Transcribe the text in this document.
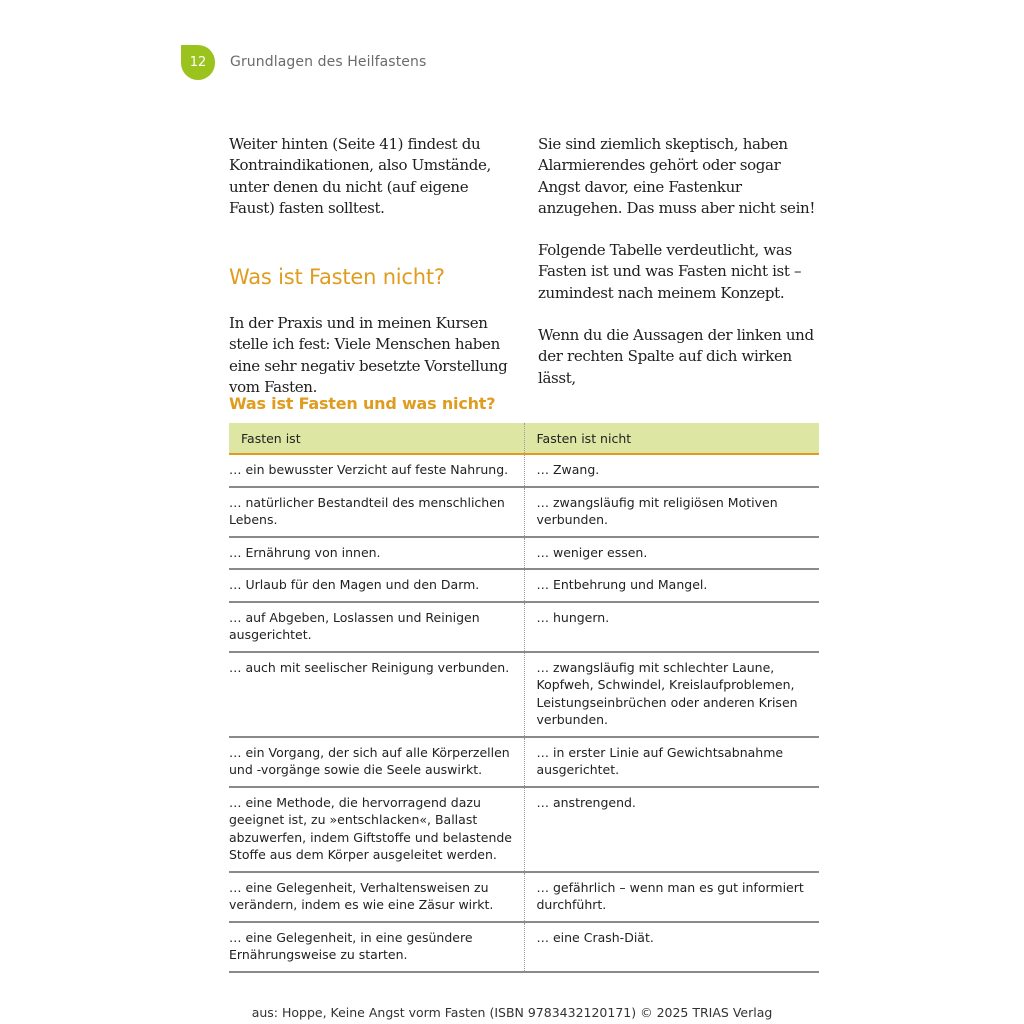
12 Grundlagen des Heilfastens

Weiter hinten (Seite 41) findest du Kontraindikationen, also Umstände, unter denen du nicht (auf eigene Faust) fasten solltest.

Was ist Fasten nicht?

In der Praxis und in meinen Kursen stelle ich fest: Viele Menschen haben eine sehr negativ besetzte Vorstellung vom Fasten.

Sie sind ziemlich skeptisch, haben Alarmierendes gehört oder sogar Angst davor, eine Fastenkur anzugehen. Das muss aber nicht sein!

Folgende Tabelle verdeutlicht, was Fasten ist und was Fasten nicht ist – zumindest nach meinem Konzept.

Wenn du die Aussagen der linken und der rechten Spalte auf dich wirken lässt,

Was ist Fasten und was nicht?
Fasten ist	Fasten ist nicht
… ein bewusster Verzicht auf feste Nahrung.	… Zwang.
… natürlicher Bestandteil des menschlichen Lebens.	… zwangsläufig mit religiösen Motiven verbunden.
… Ernährung von innen.	… weniger essen.
… Urlaub für den Magen und den Darm.	… Entbehrung und Mangel.
… auf Abgeben, Loslassen und Reinigen ausgerichtet.	… hungern.
… auch mit seelischer Reinigung verbunden.	… zwangsläufig mit schlechter Laune, Kopfweh, Schwindel, Kreislaufproblemen, Leistungseinbrüchen oder anderen Krisen verbunden.
… ein Vorgang, der sich auf alle Körperzellen und -vorgänge sowie die Seele auswirkt.	… in erster Linie auf Gewichtsabnahme ausgerichtet.
… eine Methode, die hervorragend dazu geeignet ist, zu »entschlacken«, Ballast abzuwerfen, indem Giftstoffe und belastende Stoffe aus dem Körper ausgeleitet werden.	… anstrengend.
… eine Gelegenheit, Verhaltensweisen zu verändern, indem es wie eine Zäsur wirkt.	… gefährlich – wenn man es gut informiert durchführt.
… eine Gelegenheit, in eine gesündere Ernährungsweise zu starten.	… eine Crash-Diät.
aus: Hoppe, Keine Angst vorm Fasten (ISBN 9783432120171) © 2025 TRIAS Verlag
